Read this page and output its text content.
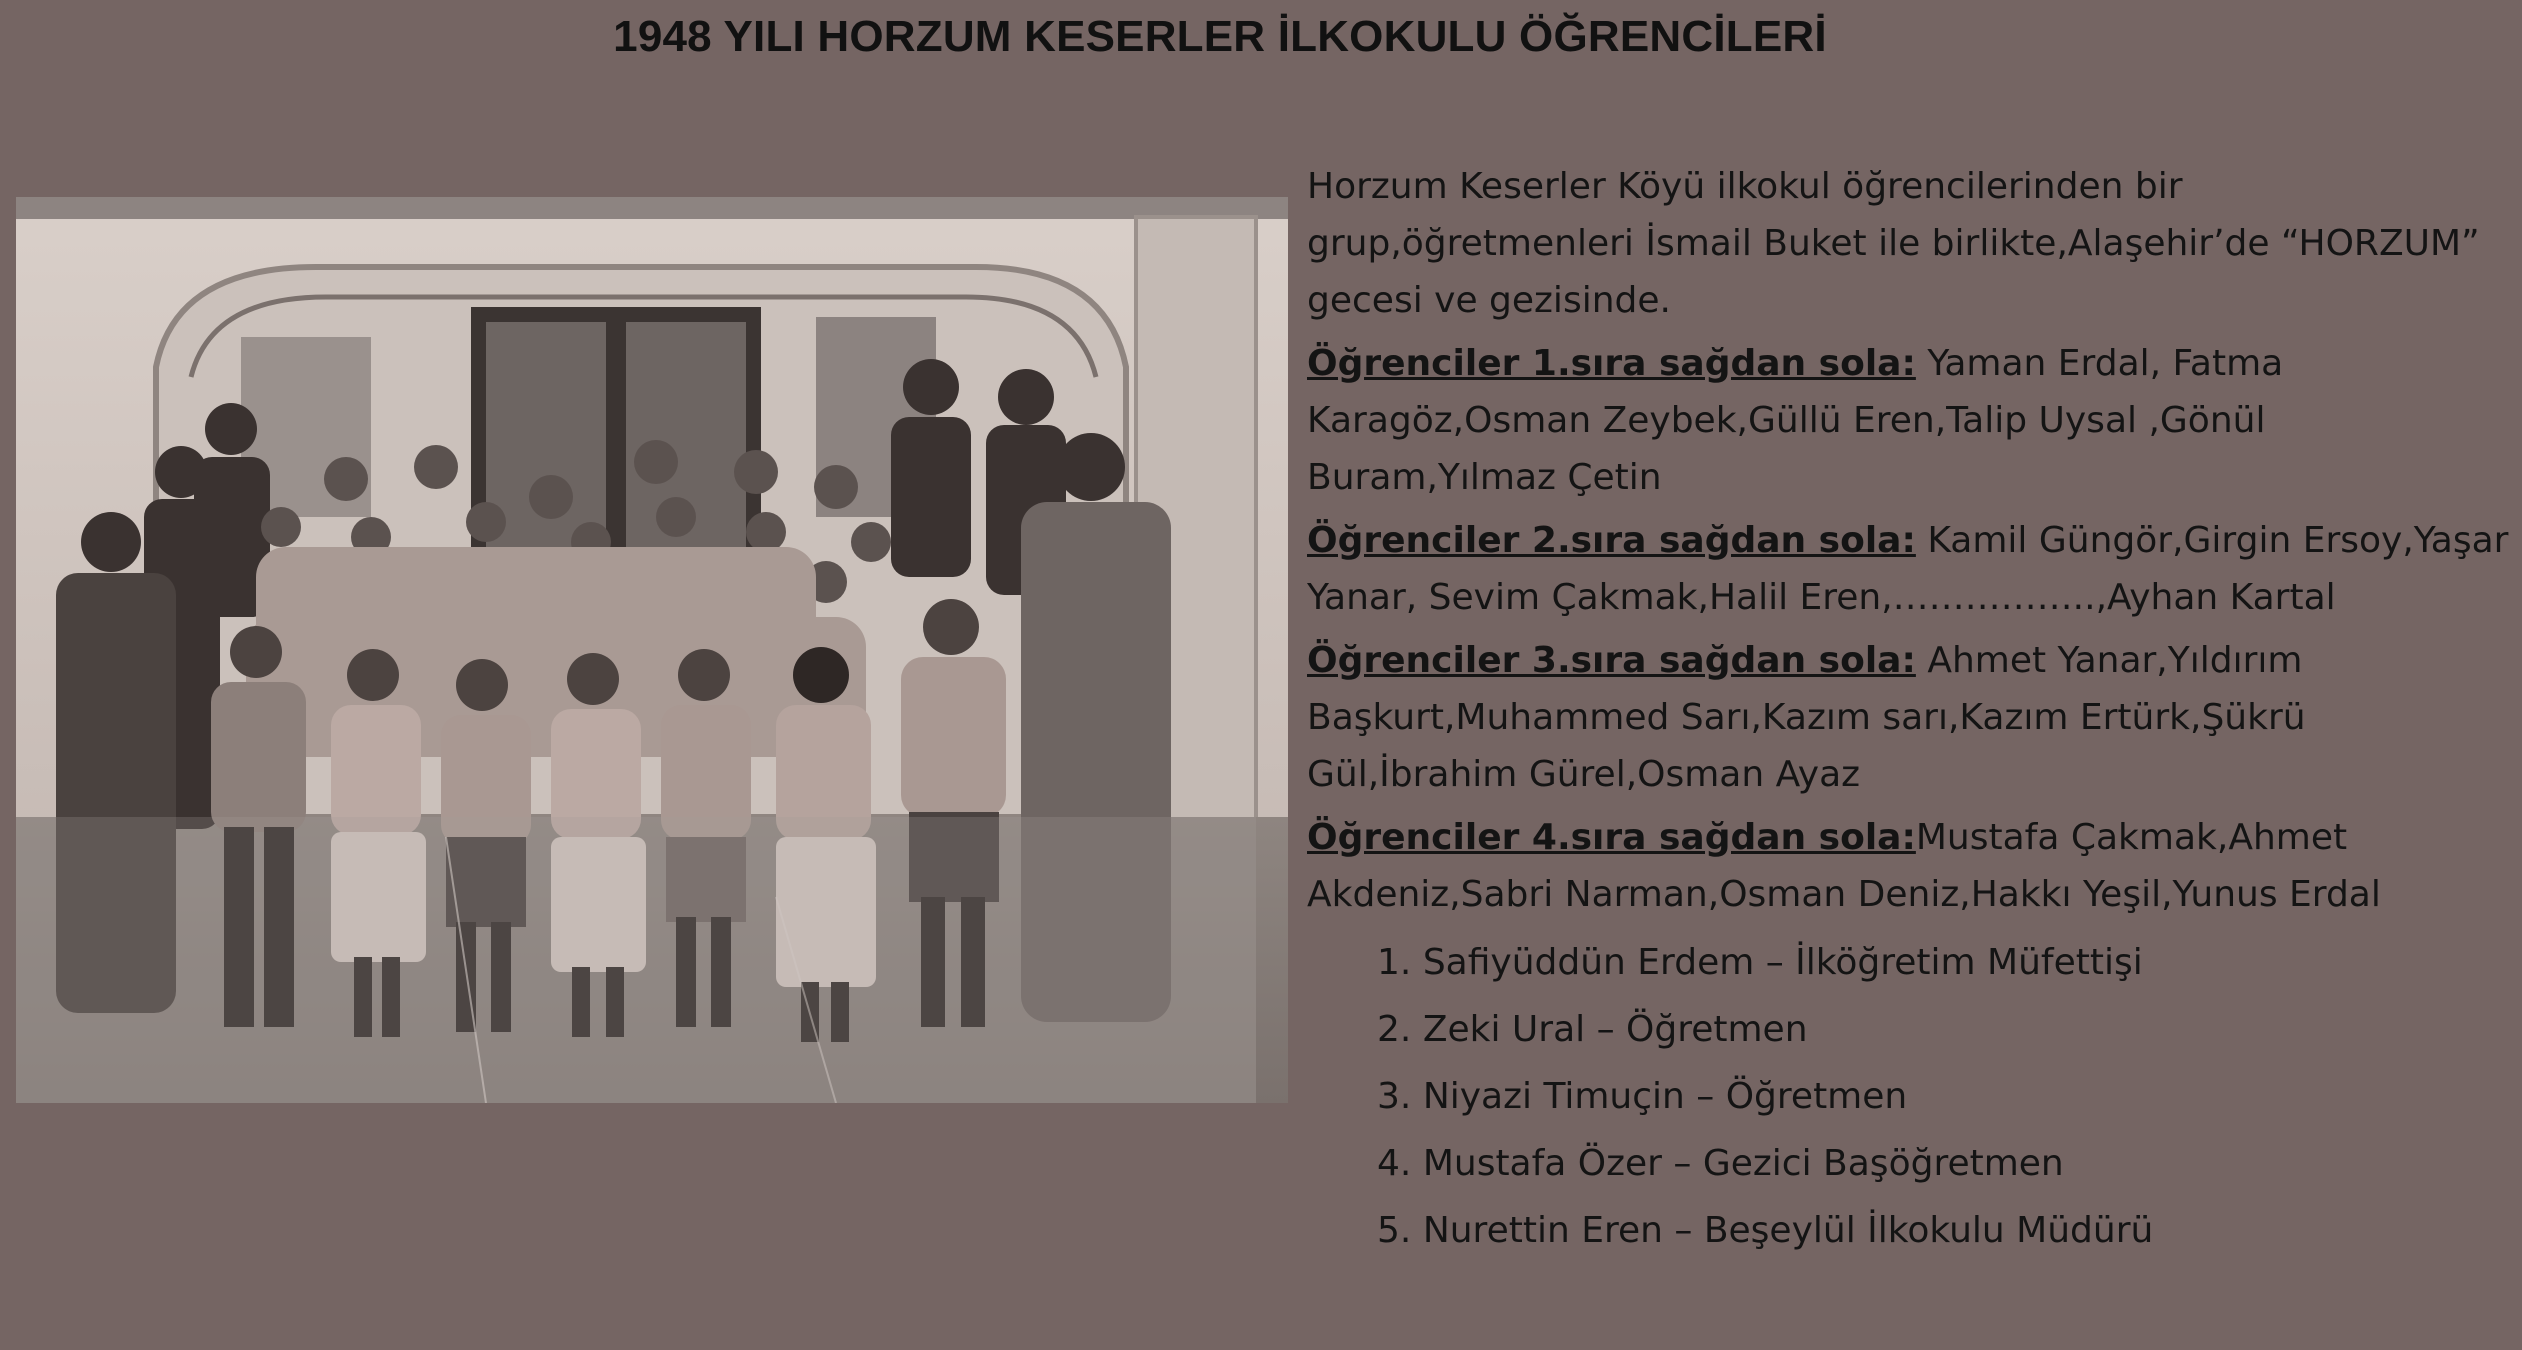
1948 YILI HORZUM KESERLER İLKOKULU ÖĞRENCİLERİ

Horzum Keserler Köyü ilkokul öğrencilerinden bir grup,öğretmenleri İsmail Buket ile birlikte,Alaşehir’de “HORZUM” gecesi ve gezisinde.

Öğrenciler 1.sıra sağdan sola: Yaman Erdal, Fatma Karagöz,Osman Zeybek,Güllü Eren,Talip Uysal ,Gönül Buram,Yılmaz Çetin

Öğrenciler 2.sıra sağdan sola: Kamil Güngör,Girgin Ersoy,Yaşar Yanar, Sevim Çakmak,Halil Eren,……………..,Ayhan Kartal

Öğrenciler 3.sıra sağdan sola: Ahmet Yanar,Yıldırım Başkurt,Muhammed Sarı,Kazım sarı,Kazım Ertürk,Şükrü Gül,İbrahim Gürel,Osman Ayaz

Öğrenciler 4.sıra sağdan sola:Mustafa Çakmak,Ahmet Akdeniz,Sabri Narman,Osman Deniz,Hakkı Yeşil,Yunus Erdal

1. Safiyüddün Erdem – İlköğretim Müfettişi
2. Zeki Ural – Öğretmen
3. Niyazi Timuçin – Öğretmen
4. Mustafa Özer – Gezici Başöğretmen
5. Nurettin Eren – Beşeylül İlkokulu Müdürü
